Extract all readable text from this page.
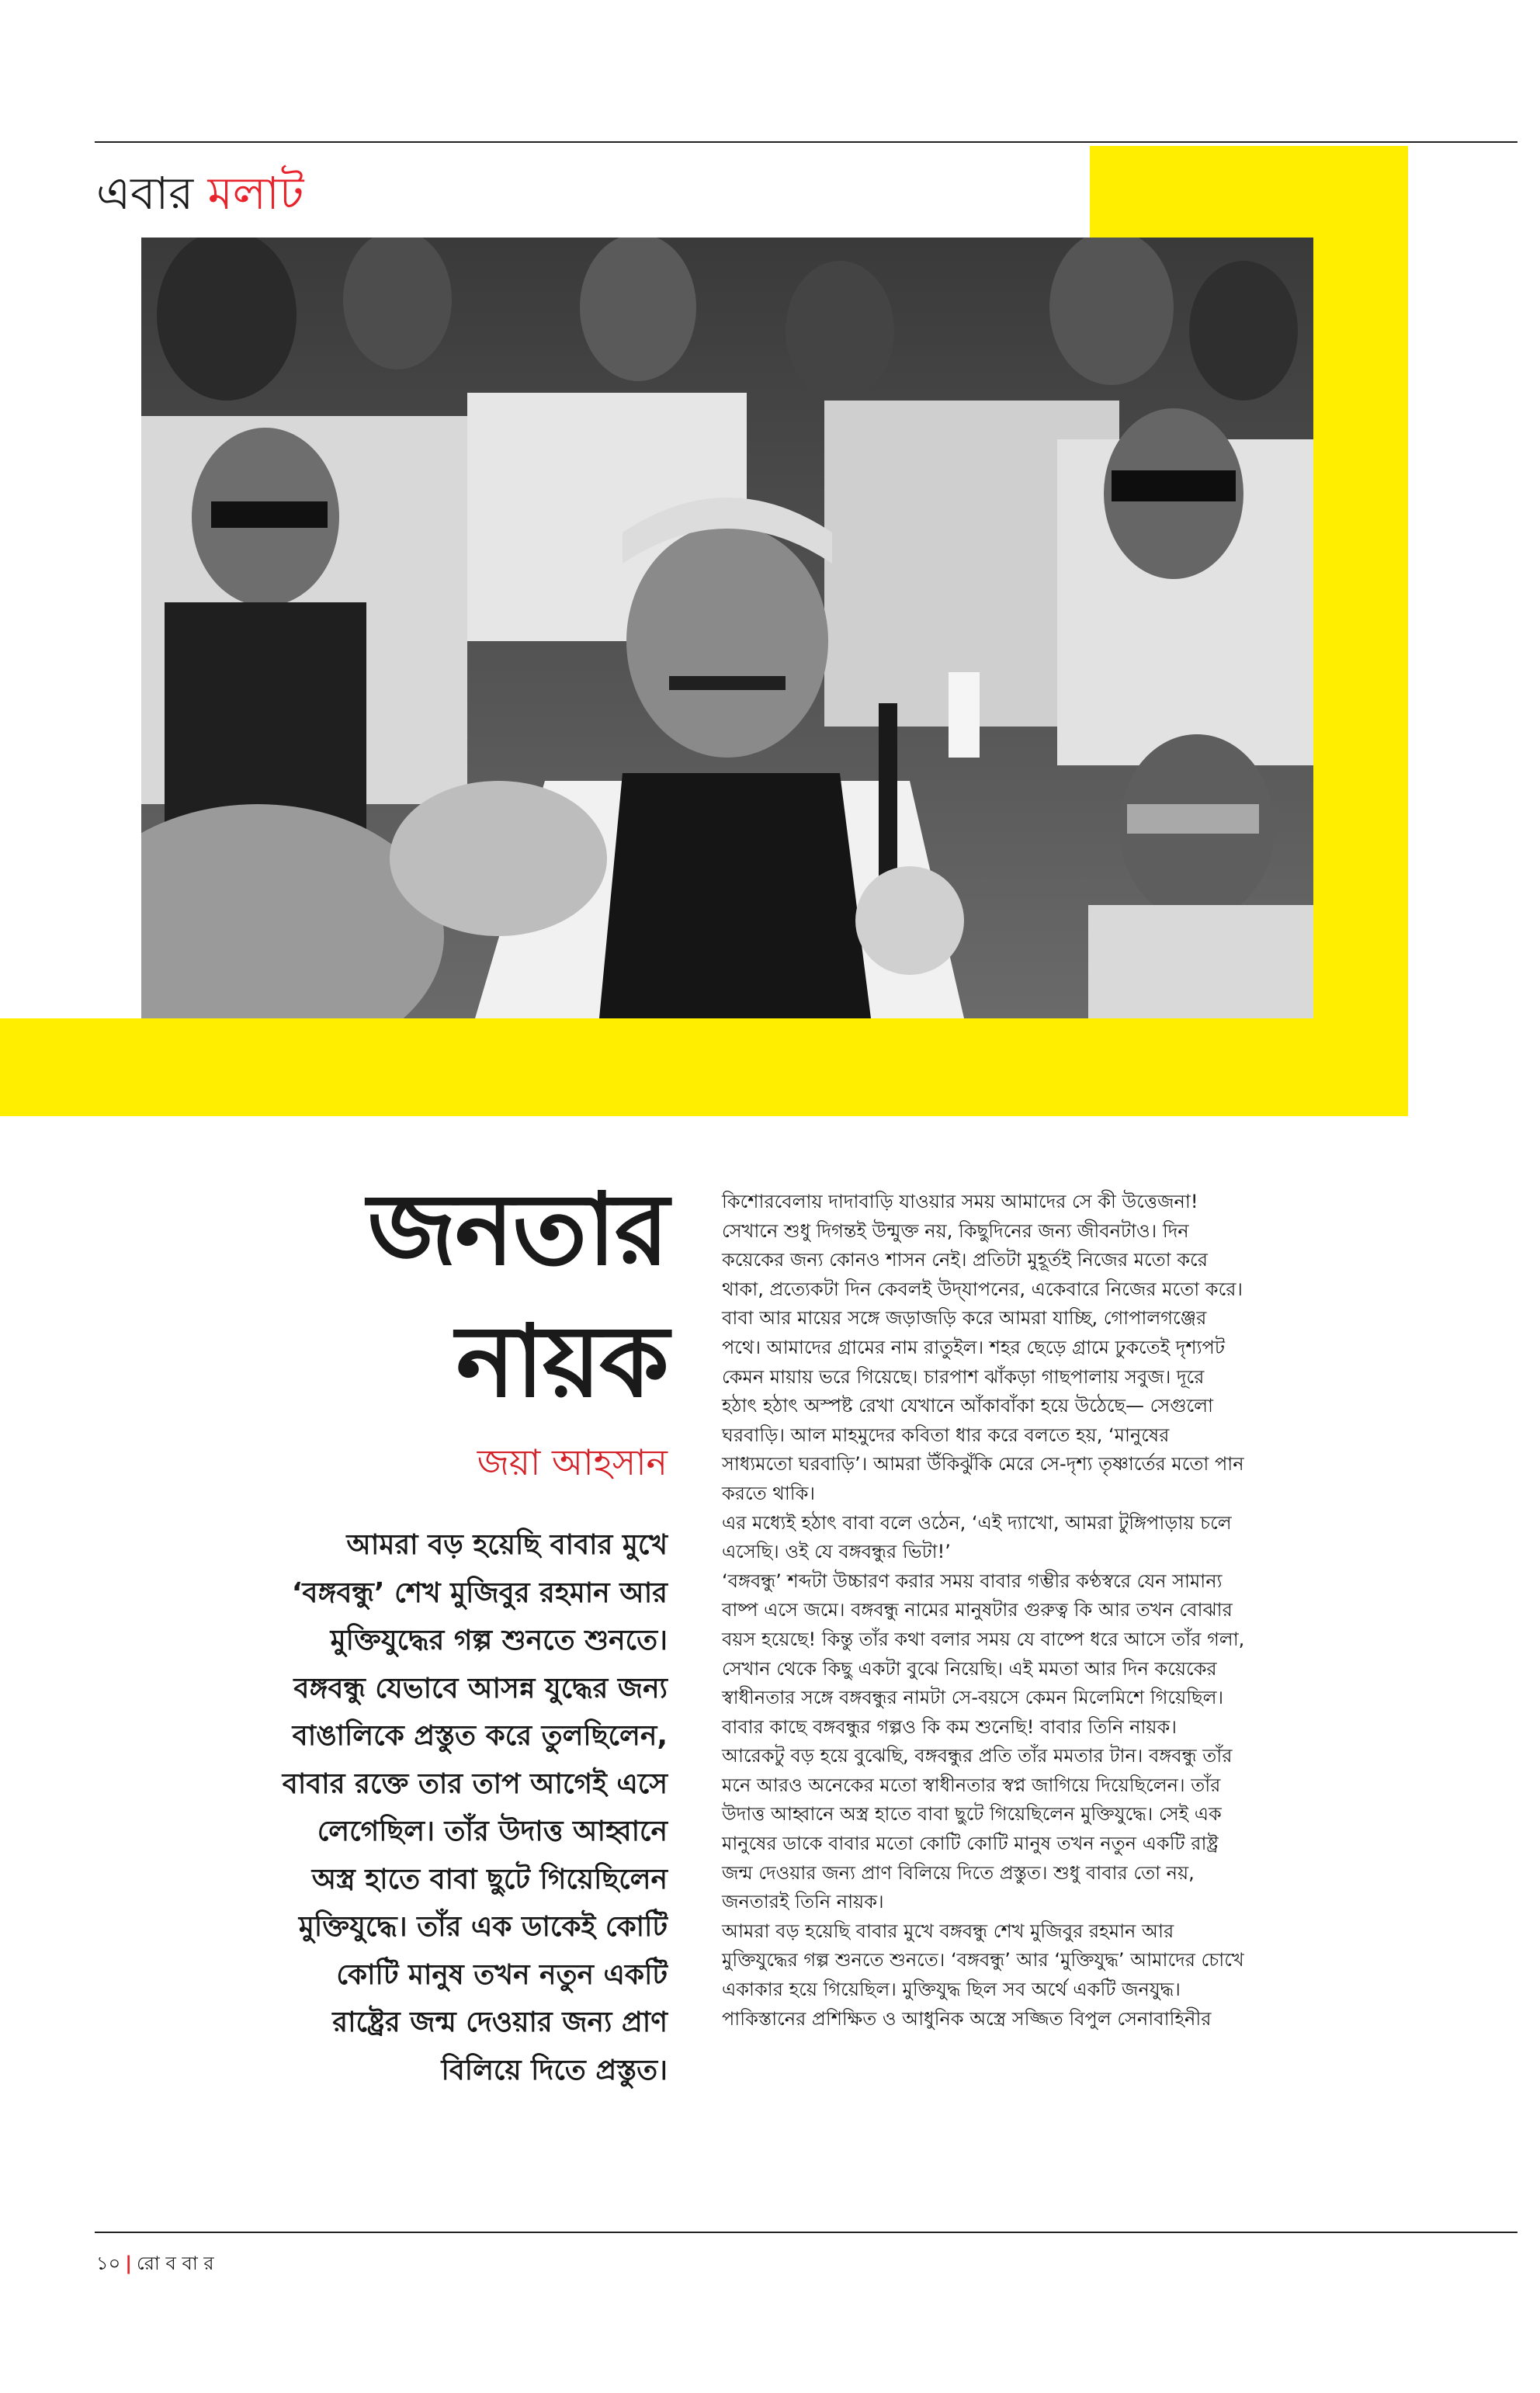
এবার মলাট
জনতার
নায়ক
জয়া আহসান

আমরা বড় হয়েছি বাবার মুখে

‘বঙ্গবন্ধু’ শেখ মুজিবুর রহমান আর

মুক্তিযুদ্ধের গল্প শুনতে শুনতে।

বঙ্গবন্ধু যেভাবে আসন্ন যুদ্ধের জন্য

বাঙালিকে প্রস্তুত করে তুলছিলেন,

বাবার রক্তে তার তাপ আগেই এসে

লেগেছিল। তাঁর উদাত্ত আহ্বানে

অস্ত্র হাতে বাবা ছুটে গিয়েছিলেন

মুক্তিযুদ্ধে। তাঁর এক ডাকেই কোটি

কোটি মানুষ তখন নতুন একটি

রাষ্ট্রের জন্ম দেওয়ার জন্য প্রাণ

বিলিয়ে দিতে প্রস্তুত।

কিশোরবেলায় দাদাবাড়ি যাওয়ার সময় আমাদের সে কী উত্তেজনা!

সেখানে শুধু দিগন্তই উন্মুক্ত নয়, কিছুদিনের জন্য জীবনটাও। দিন

কয়েকের জন্য কোনও শাসন নেই। প্রতিটা মুহূর্তই নিজের মতো করে

থাকা, প্রত্যেকটা দিন কেবলই উদ্‌যাপনের, একেবারে নিজের মতো করে।

বাবা আর মায়ের সঙ্গে জড়াজড়ি করে আমরা যাচ্ছি, গোপালগঞ্জের

পথে। আমাদের গ্রামের নাম রাতুইল। শহর ছেড়ে গ্রামে ঢুকতেই দৃশ্যপট

কেমন মায়ায় ভরে গিয়েছে। চারপাশ ঝাঁকড়া গাছপালায় সবুজ। দূরে

হঠাৎ হঠাৎ অস্পষ্ট রেখা যেখানে আঁকাবাঁকা হয়ে উঠেছে— সেগুলো

ঘরবাড়ি। আল মাহমুদের কবিতা ধার করে বলতে হয়, ‘মানুষের

সাধ্যমতো ঘরবাড়ি’। আমরা উঁকিঝুঁকি মেরে সে-দৃশ্য তৃষ্ণার্তের মতো পান

করতে থাকি।

এর মধ্যেই হঠাৎ বাবা বলে ওঠেন, ‘এই দ্যাখো, আমরা টুঙ্গিপাড়ায় চলে

এসেছি। ওই যে বঙ্গবন্ধুর ভিটা!’

‘বঙ্গবন্ধু’ শব্দটা উচ্চারণ করার সময় বাবার গম্ভীর কণ্ঠস্বরে যেন সামান্য

বাষ্প এসে জমে। বঙ্গবন্ধু নামের মানুষটার গুরুত্ব কি আর তখন বোঝার

বয়স হয়েছে! কিন্তু তাঁর কথা বলার সময় যে বাষ্পে ধরে আসে তাঁর গলা,

সেখান থেকে কিছু একটা বুঝে নিয়েছি। এই মমতা আর দিন কয়েকের

স্বাধীনতার সঙ্গে বঙ্গবন্ধুর নামটা সে-বয়সে কেমন মিলেমিশে গিয়েছিল।

বাবার কাছে বঙ্গবন্ধুর গল্পও কি কম শুনেছি! বাবার তিনি নায়ক।

আরেকটু বড় হয়ে বুঝেছি, বঙ্গবন্ধুর প্রতি তাঁর মমতার টান। বঙ্গবন্ধু তাঁর

মনে আরও অনেকের মতো স্বাধীনতার স্বপ্ন জাগিয়ে দিয়েছিলেন। তাঁর

উদাত্ত আহ্বানে অস্ত্র হাতে বাবা ছুটে গিয়েছিলেন মুক্তিযুদ্ধে। সেই এক

মানুষের ডাকে বাবার মতো কোটি কোটি মানুষ তখন নতুন একটি রাষ্ট্র

জন্ম দেওয়ার জন্য প্রাণ বিলিয়ে দিতে প্রস্তুত। শুধু বাবার তো নয়,

জনতারই তিনি নায়ক।

আমরা বড় হয়েছি বাবার মুখে বঙ্গবন্ধু শেখ মুজিবুর রহমান আর

মুক্তিযুদ্ধের গল্প শুনতে শুনতে। ‘বঙ্গবন্ধু’ আর ‘মুক্তিযুদ্ধ’ আমাদের চোখে

একাকার হয়ে গিয়েছিল। মুক্তিযুদ্ধ ছিল সব অর্থে একটি জনযুদ্ধ।

পাকিস্তানের প্রশিক্ষিত ও আধুনিক অস্ত্রে সজ্জিত বিপুল সেনাবাহিনীর

১০ | রো ব বা র
